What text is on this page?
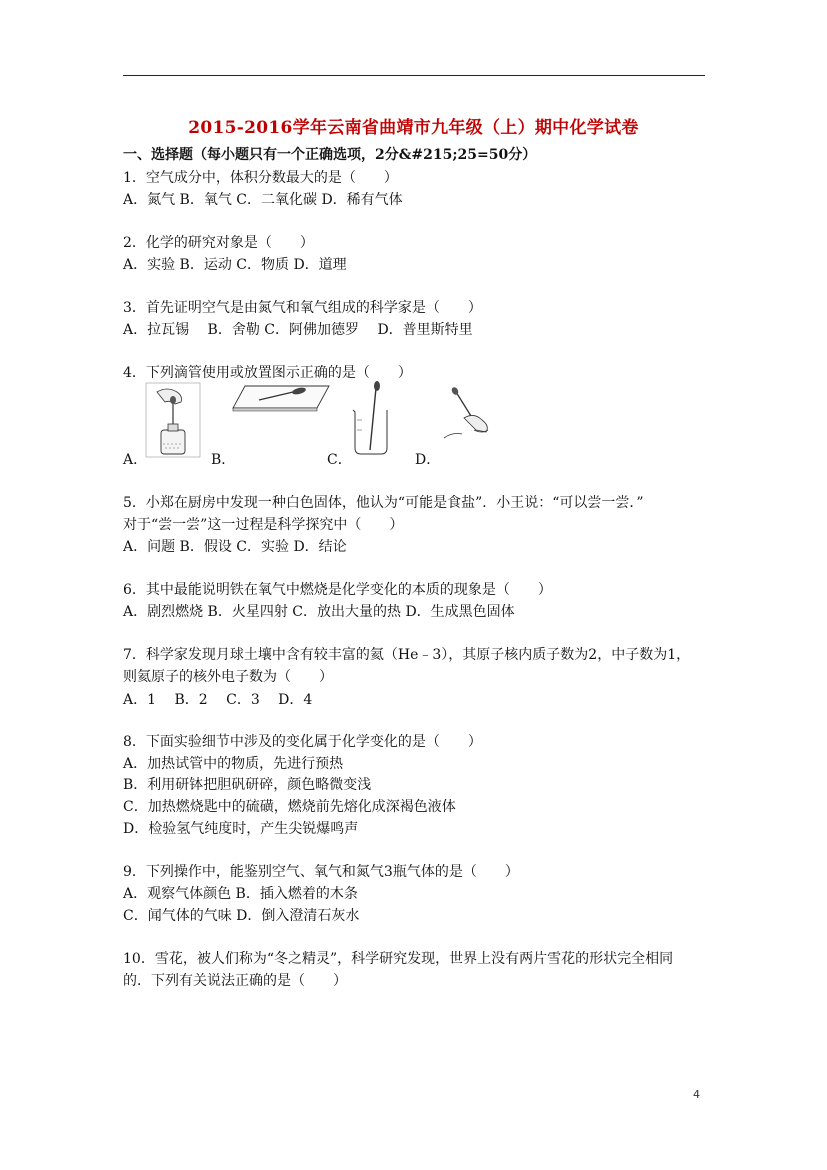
2015-2016学年云南省曲靖市九年级（上）期中化学试卷
一、选择题（每小题只有一个正确选项，2分&#215;25=50分）
1．空气成分中，体积分数最大的是（　　）
A．氮气 B．氧气 C．二氧化碳 D．稀有气体
2．化学的研究对象是（　　）
A．实验 B．运动 C．物质 D．道理
3．首先证明空气是由氮气和氧气组成的科学家是（　　）
A．拉瓦锡　 B．舍勒 C．阿佛加德罗　 D．普里斯特里
4．下列滴管使用或放置图示正确的是（　　）
A．	B．	C．	D．
5．小郑在厨房中发现一种白色固体，他认为“可能是食盐”．小王说：“可以尝一尝．”
对于“尝一尝”这一过程是科学探究中（　　）
A．问题 B．假设 C．实验 D．结论
6．其中最能说明铁在氧气中燃烧是化学变化的本质的现象是（　　）
A．剧烈燃烧 B．火星四射 C．放出大量的热 D．生成黑色固体
7．科学家发现月球土壤中含有较丰富的氦（He﹣3），其原子核内质子数为2，中子数为1，
则氦原子的核外电子数为（　　）
A．1　 B．2　 C．3　 D．4
8．下面实验细节中涉及的变化属于化学变化的是（　　）
A．加热试管中的物质，先进行预热
B．利用研钵把胆矾研碎，颜色略微变浅
C．加热燃烧匙中的硫磺，燃烧前先熔化成深褐色液体
D．检验氢气纯度时，产生尖锐爆鸣声
9．下列操作中，能鉴别空气、氧气和氮气3瓶气体的是（　　）
A．观察气体颜色 B．插入燃着的木条
C．闻气体的气味 D．倒入澄清石灰水
10．雪花，被人们称为“冬之精灵”，科学研究发现，世界上没有两片雪花的形状完全相同
的．下列有关说法正确的是（　　）
4
